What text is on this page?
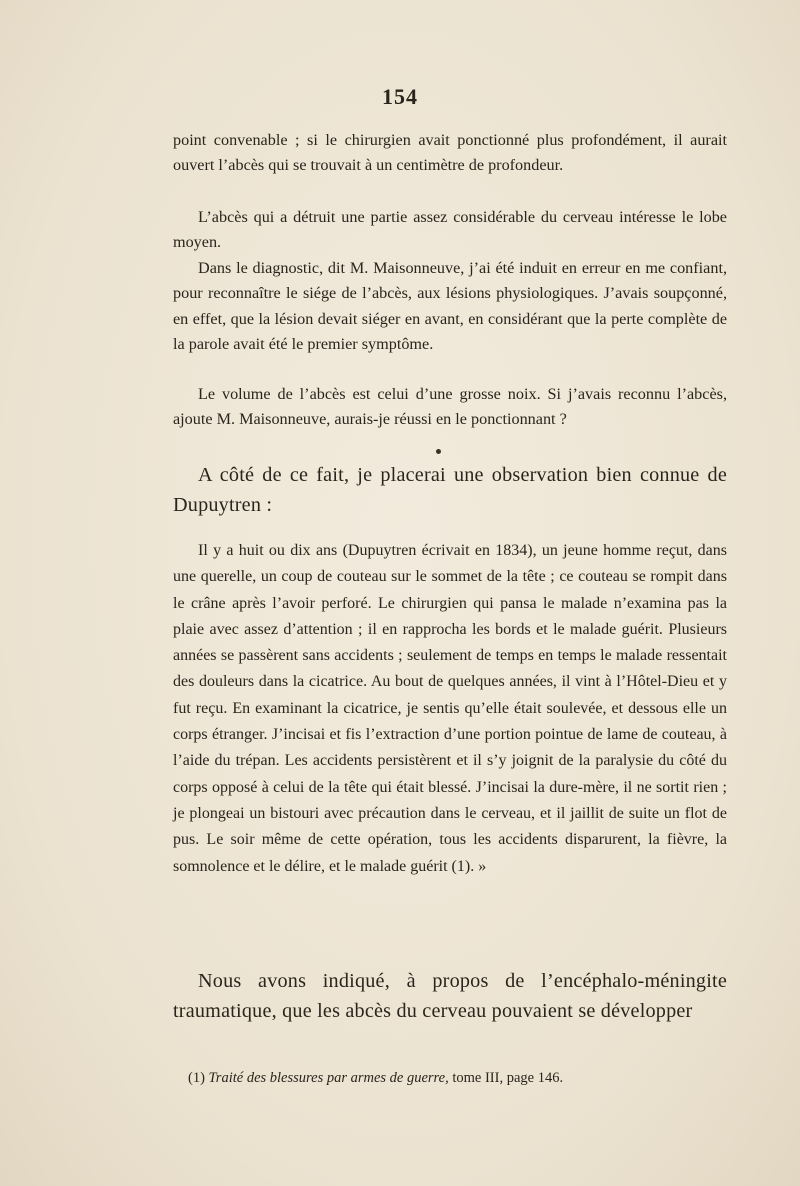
154

point convenable ; si le chirurgien avait ponctionné plus profondément, il aurait ouvert l’abcès qui se trouvait à un centimètre de profondeur.

L’abcès qui a détruit une partie assez considérable du cerveau intéresse le lobe moyen.

Dans le diagnostic, dit M. Maisonneuve, j’ai été induit en erreur en me confiant, pour reconnaître le siége de l’abcès, aux lésions physiologiques. J’avais soupçonné, en effet, que la lésion devait siéger en avant, en considérant que la perte complète de la parole avait été le premier symptôme.

Le volume de l’abcès est celui d’une grosse noix. Si j’avais reconnu l’abcès, ajoute M. Maisonneuve, aurais-je réussi en le ponctionnant ?

A côté de ce fait, je placerai une observation bien connue de Dupuytren :

Il y a huit ou dix ans (Dupuytren écrivait en 1834), un jeune homme reçut, dans une querelle, un coup de couteau sur le sommet de la tête ; ce couteau se rompit dans le crâne après l’avoir perforé. Le chirurgien qui pansa le malade n’examina pas la plaie avec assez d’attention ; il en rapprocha les bords et le malade guérit. Plusieurs années se passèrent sans accidents ; seulement de temps en temps le malade ressentait des douleurs dans la cicatrice. Au bout de quelques années, il vint à l’Hôtel-Dieu et y fut reçu. En examinant la cicatrice, je sentis qu’elle était soulevée, et dessous elle un corps étranger. J’incisai et fis l’extraction d’une portion pointue de lame de couteau, à l’aide du trépan. Les accidents persistèrent et il s’y joignit de la paralysie du côté du corps opposé à celui de la tête qui était blessé. J’incisai la dure-mère, il ne sortit rien ; je plongeai un bistouri avec précaution dans le cerveau, et il jaillit de suite un flot de pus. Le soir même de cette opération, tous les accidents disparurent, la fièvre, la somnolence et le délire, et le malade guérit (1). »

Nous avons indiqué, à propos de l’encéphalo-méningite traumatique, que les abcès du cerveau pouvaient se développer

(1) Traité des blessures par armes de guerre, tome III, page 146.
